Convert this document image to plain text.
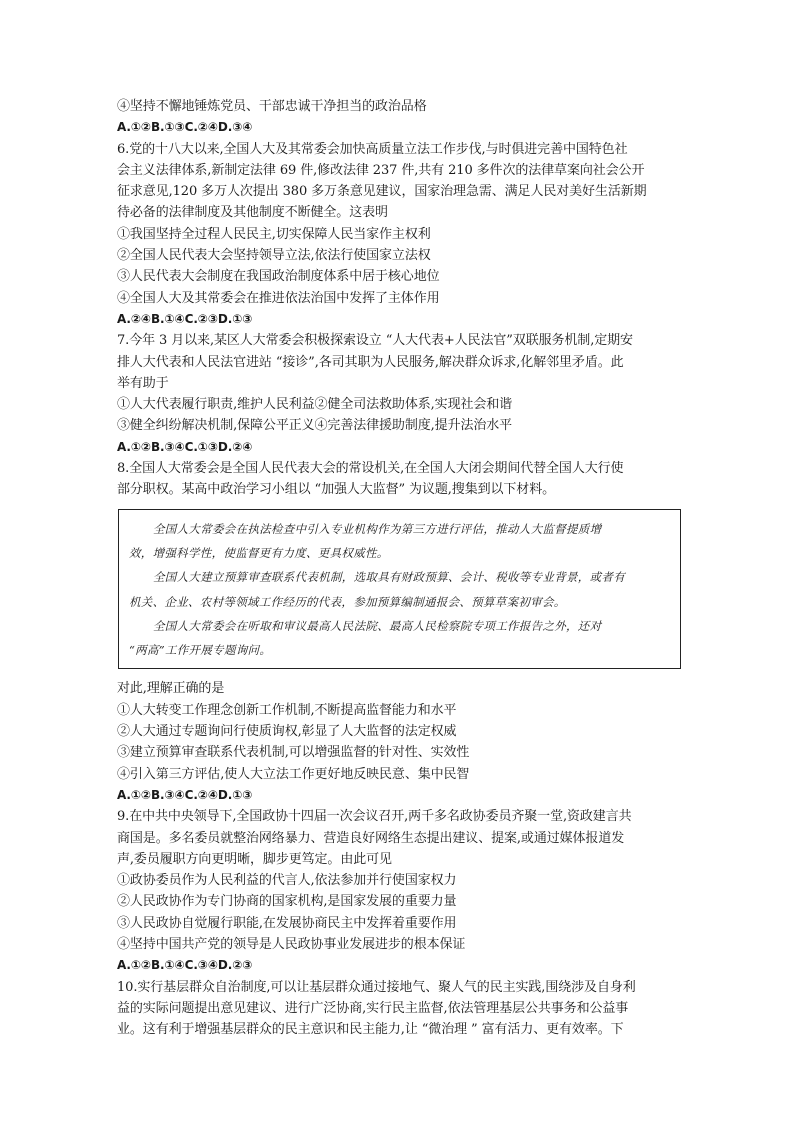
④坚持不懈地锤炼党员、干部忠诚干净担当的政治品格
A.①②B.①③C.②④D.③④
6.党的十八大以来,全国人大及其常委会加快高质量立法工作步伐,与时俱进完善中国特色社
会主义法律体系,新制定法律 69 件,修改法律 237 件,共有 210 多件次的法律草案向社会公开
征求意见,120 多万人次提出 380 多万条意见建议，国家治理急需、满足人民对美好生活新期
待必备的法律制度及其他制度不断健全。这表明
①我国坚持全过程人民民主,切实保障人民当家作主权利
②全国人民代表大会坚持领导立法,依法行使国家立法权
③人民代表大会制度在我国政治制度体系中居于核心地位
④全国人大及其常委会在推进依法治国中发挥了主体作用
A.②④B.①④C.②③D.①③
7.今年 3 月以来,某区人大常委会积极探索设立 “人大代表+人民法官”双联服务机制,定期安
排人大代表和人民法官进站 “接诊”,各司其职为人民服务,解决群众诉求,化解邻里矛盾。此
举有助于
①人大代表履行职责,维护人民利益②健全司法救助体系,实现社会和谐
③健全纠纷解决机制,保障公平正义④完善法律援助制度,提升法治水平
A.①②B.③④C.①③D.②④
8.全国人大常委会是全国人民代表大会的常设机关,在全国人大闭会期间代替全国人大行使
部分职权。某高中政治学习小组以 “加强人大监督” 为议题,搜集到以下材料。
全国人大常委会在执法检查中引入专业机构作为第三方进行评估，推动人大监督提质增
效，增强科学性，使监督更有力度、更具权威性。
全国人大建立预算审查联系代表机制，选取具有财政预算、会计、税收等专业背景，或者有
机关、企业、农村等领域工作经历的代表，参加预算编制通报会、预算草案初审会。
全国人大常委会在听取和审议最高人民法院、最高人民检察院专项工作报告之外，还对
“两高”工作开展专题询问。
对此,理解正确的是
①人大转变工作理念创新工作机制,不断提高监督能力和水平
②人大通过专题询问行使质询权,彰显了人大监督的法定权威
③建立预算审查联系代表机制,可以增强监督的针对性、实效性
④引入第三方评估,使人大立法工作更好地反映民意、集中民智
A.①②B.③④C.②④D.①③
9.在中共中央领导下,全国政协十四届一次会议召开,两千多名政协委员齐聚一堂,资政建言共
商国是。多名委员就整治网络暴力、营造良好网络生态提出建议、提案,或通过媒体报道发
声,委员履职方向更明晰，脚步更笃定。由此可见
①政协委员作为人民利益的代言人,依法参加并行使国家权力
②人民政协作为专门协商的国家机构,是国家发展的重要力量
③人民政协自觉履行职能,在发展协商民主中发挥着重要作用
④坚持中国共产党的领导是人民政协事业发展进步的根本保证
A.①②B.①④C.③④D.②③
10.实行基层群众自治制度,可以让基层群众通过接地气、聚人气的民主实践,围绕涉及自身利
益的实际问题提出意见建议、进行广泛协商,实行民主监督,依法管理基层公共事务和公益事
业。这有利于增强基层群众的民主意识和民主能力,让 “微治理 ” 富有活力、更有效率。下
